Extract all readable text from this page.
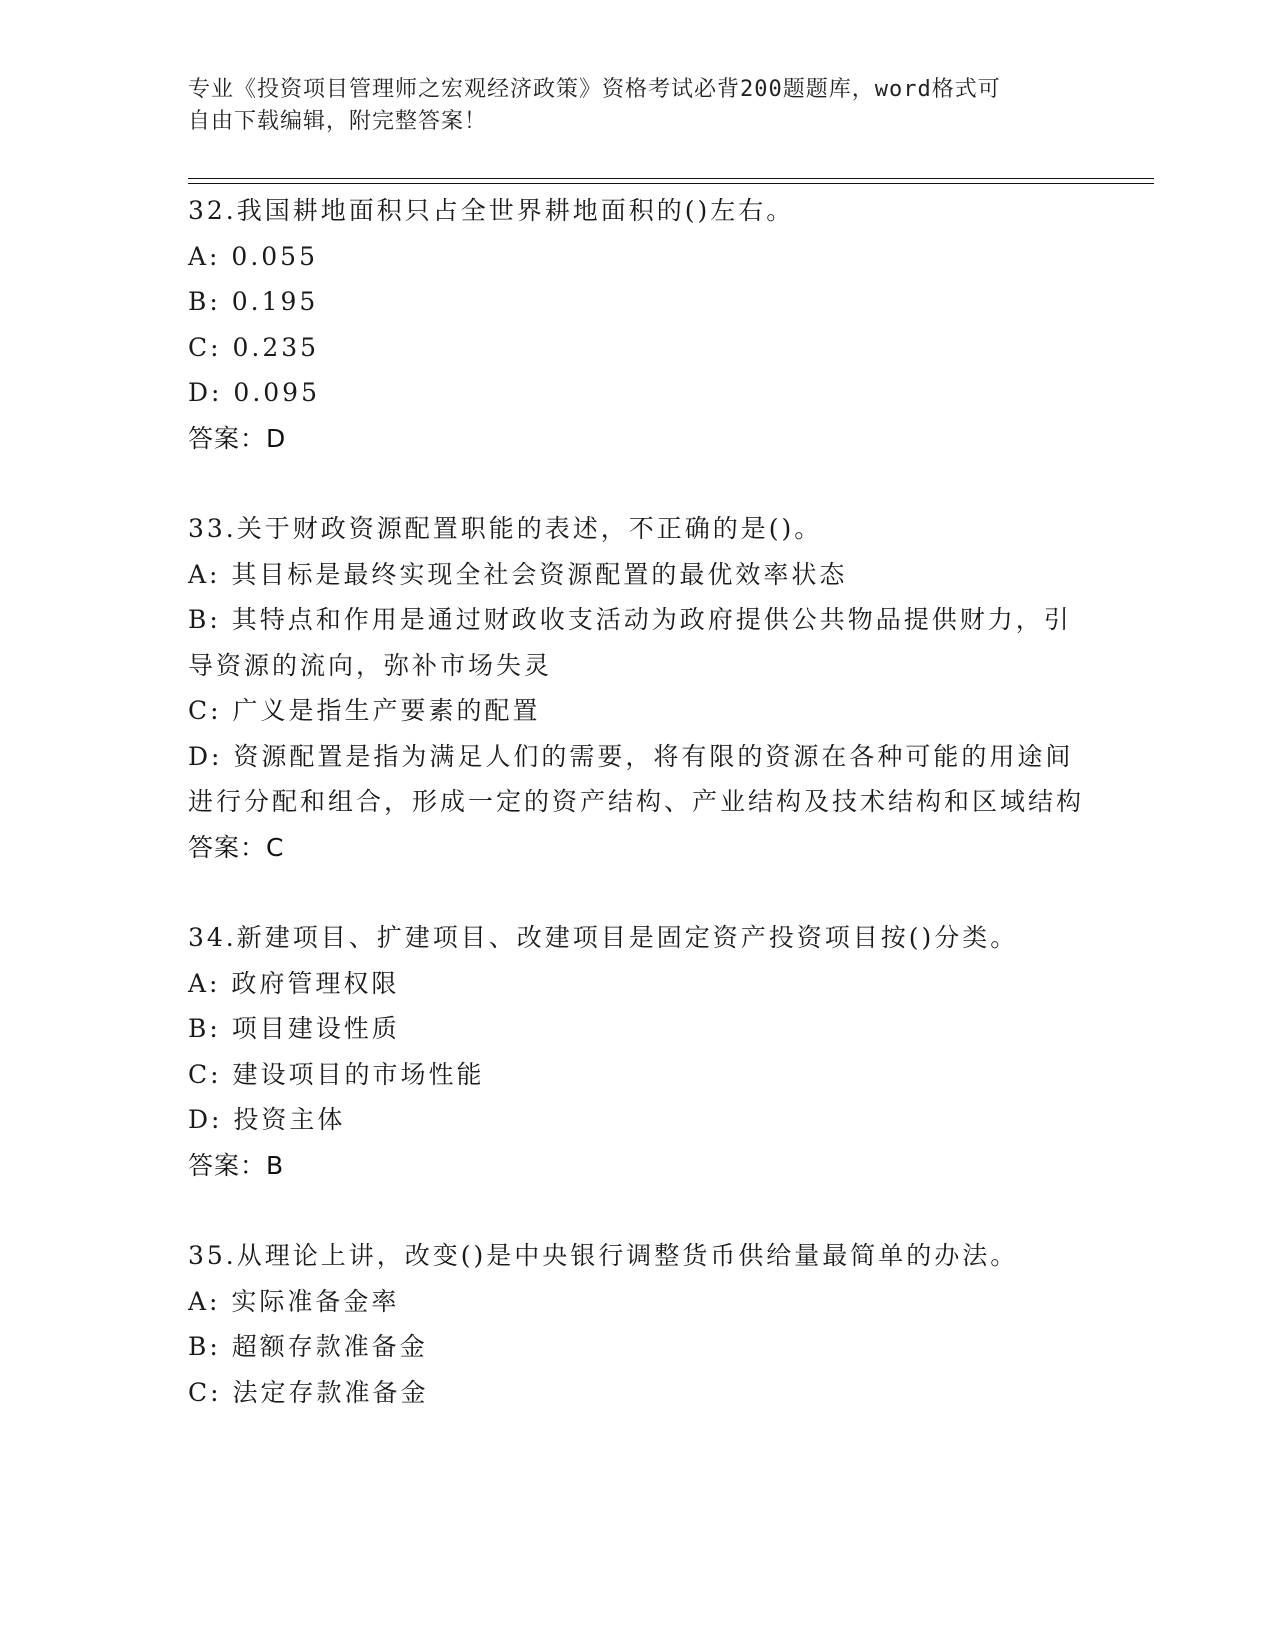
专业《投资项目管理师之宏观经济政策》资格考试必背200题题库，word格式可
自由下载编辑，附完整答案！
32.我国耕地面积只占全世界耕地面积的()左右。
A: 0.055
B: 0.195
C: 0.235
D: 0.095
答案：D
33.关于财政资源配置职能的表述，不正确的是()。
A: 其目标是最终实现全社会资源配置的最优效率状态
B: 其特点和作用是通过财政收支活动为政府提供公共物品提供财力，引导资源的流向，弥补市场失灵
C: 广义是指生产要素的配置
D: 资源配置是指为满足人们的需要，将有限的资源在各种可能的用途间进行分配和组合，形成一定的资产结构、产业结构及技术结构和区域结构
答案：C
34.新建项目、扩建项目、改建项目是固定资产投资项目按()分类。
A: 政府管理权限
B: 项目建设性质
C: 建设项目的市场性能
D: 投资主体
答案：B
35.从理论上讲，改变()是中央银行调整货币供给量最简单的办法。
A: 实际准备金率
B: 超额存款准备金
C: 法定存款准备金
